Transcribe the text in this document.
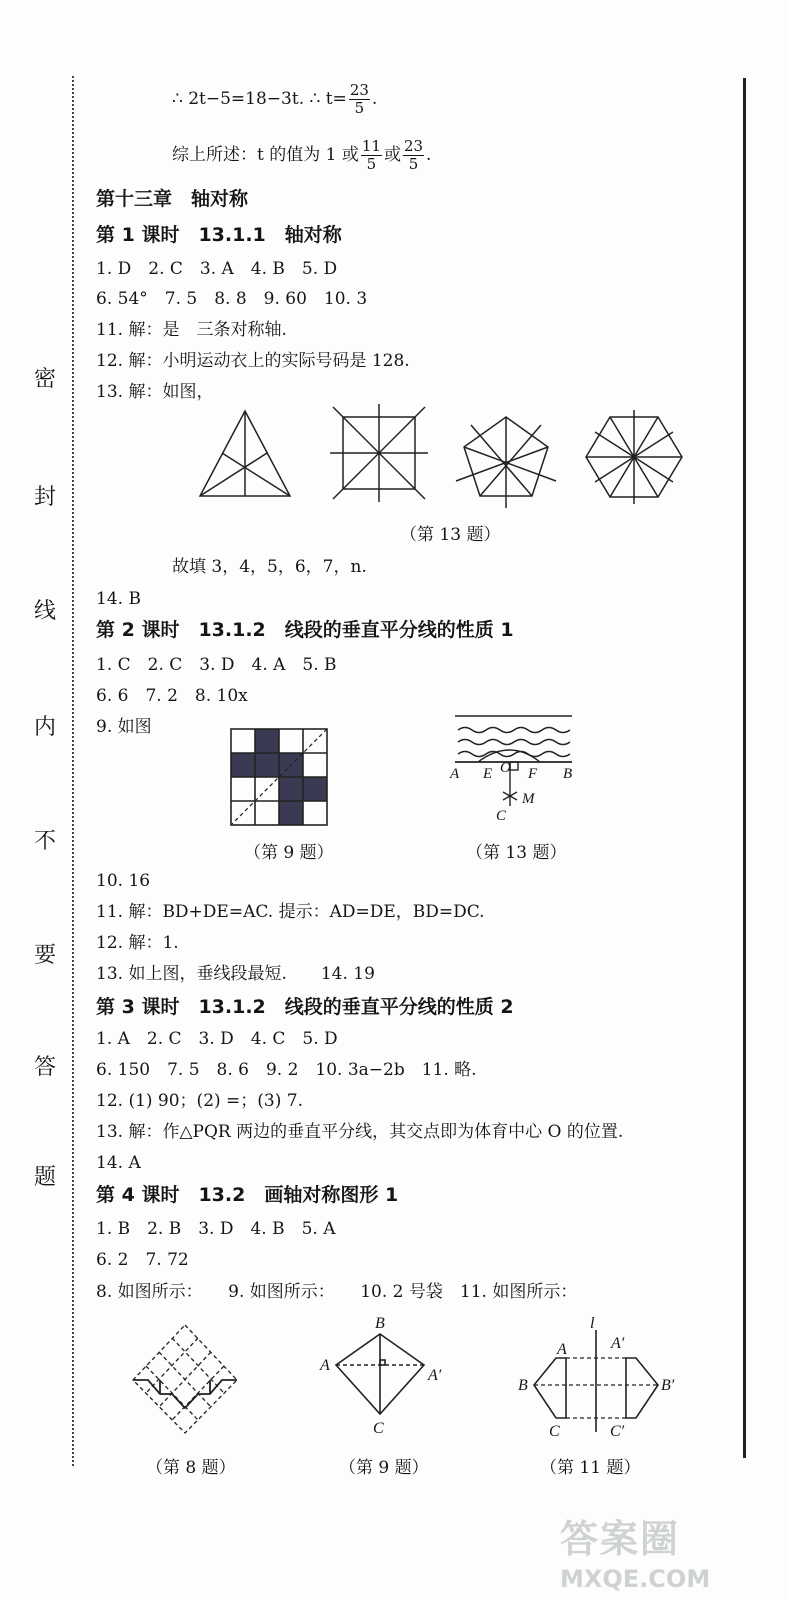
密
封
线
内
不
要
答
题
∴ 2t−5=18−3t. ∴ $t= \frac{23}{5}$ .
综上所述：t 的值为 1 或 $\frac{11}{5}$ 或 $\frac{23}{5}$ .
第十三章　轴对称
第 1 课时　13.1.1　轴对称
1. D　2. C　3. A　4. B　5. D
6. 54°　7. 5　8. 8　9. 60　10. 3
11. 解：是　三条对称轴.
12. 解：小明运动衣上的实际号码是 128.
13. 解：如图，
（第 13 题）
故填 3，4，5，6，7，n.
14. B
第 2 课时　13.1.2　线段的垂直平分线的性质 1
1. C　2. C　3. D　4. A　5. B
6. 6　7. 2　8. 10x
9. 如图
A E O F B
M
C
（第 9 题）	（第 13 题）
10. 16
11. 解：BD+DE=AC. 提示：AD=DE，BD=DC.
12. 解：1.
13. 如上图，垂线段最短.　　14. 19
第 3 课时　13.1.2　线段的垂直平分线的性质 2
1. A　2. C　3. D　4. C　5. D
6. 150　7. 5　8. 6　9. 2　10. 3a−2b　11. 略.
12. (1) 90；(2) =；(3) 7.
13. 解：作△PQR 两边的垂直平分线，其交点即为体育中心 O 的位置.
14. A
第 4 课时　13.2　画轴对称图形 1
1. B　2. B　3. D　4. B　5. A
6. 2　7. 72
8. 如图所示：　　9. 如图所示：　　10. 2 号袋　11. 如图所示：
B
A
A′
C
l
A	A′
B	B′
C	C′
（第 8 题）	（第 9 题）	（第 11 题）
答案圈
MXQE.COM
